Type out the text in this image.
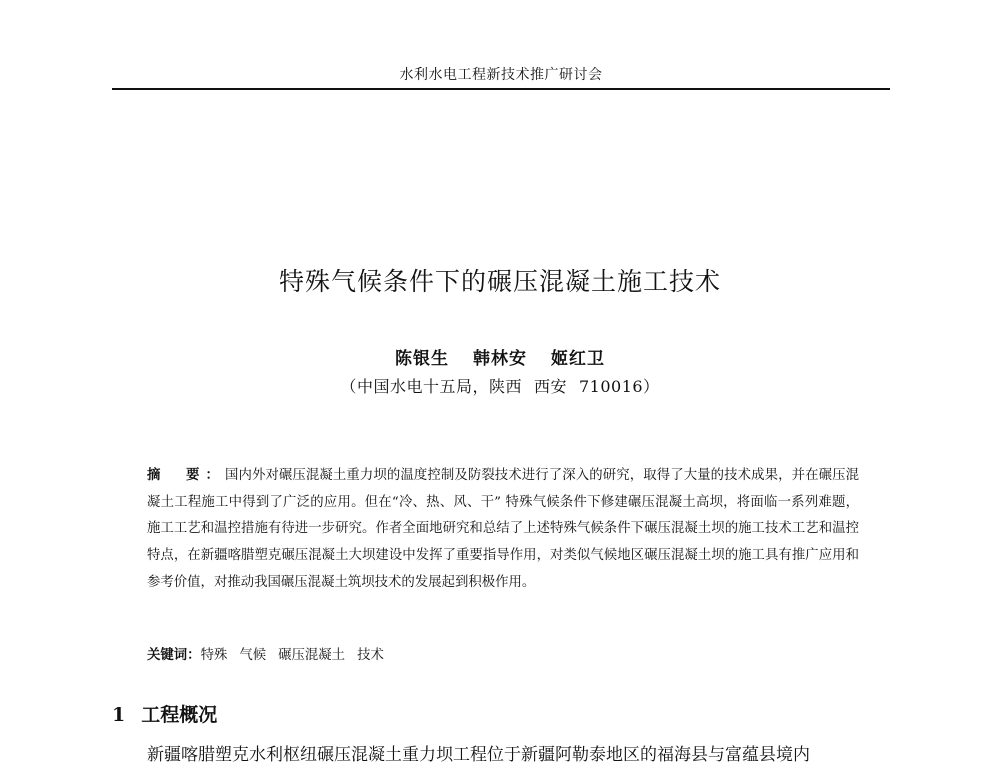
水利水电工程新技术推广研讨会
特殊气候条件下的碾压混凝土施工技术
陈银生 韩林安 姬红卫
（中国水电十五局，陕西 西安 710016）
摘　要：国内外对碾压混凝土重力坝的温度控制及防裂技术进行了深入的研究，取得了大量的技术成果，并在碾压混凝土工程施工中得到了广泛的应用。但在“冷、热、风、干” 特殊气候条件下修建碾压混凝土高坝，将面临一系列难题，施工工艺和温控措施有待进一步研究。作者全面地研究和总结了上述特殊气候条件下碾压混凝土坝的施工技术工艺和温控特点，在新疆喀腊塑克碾压混凝土大坝建设中发挥了重要指导作用，对类似气候地区碾压混凝土坝的施工具有推广应用和参考价值，对推动我国碾压混凝土筑坝技术的发展起到积极作用。
关键词：特殊 气候 碾压混凝土 技术
1 工程概况
新疆喀腊塑克水利枢纽碾压混凝土重力坝工程位于新疆阿勒泰地区的福海县与富蕴县境内
